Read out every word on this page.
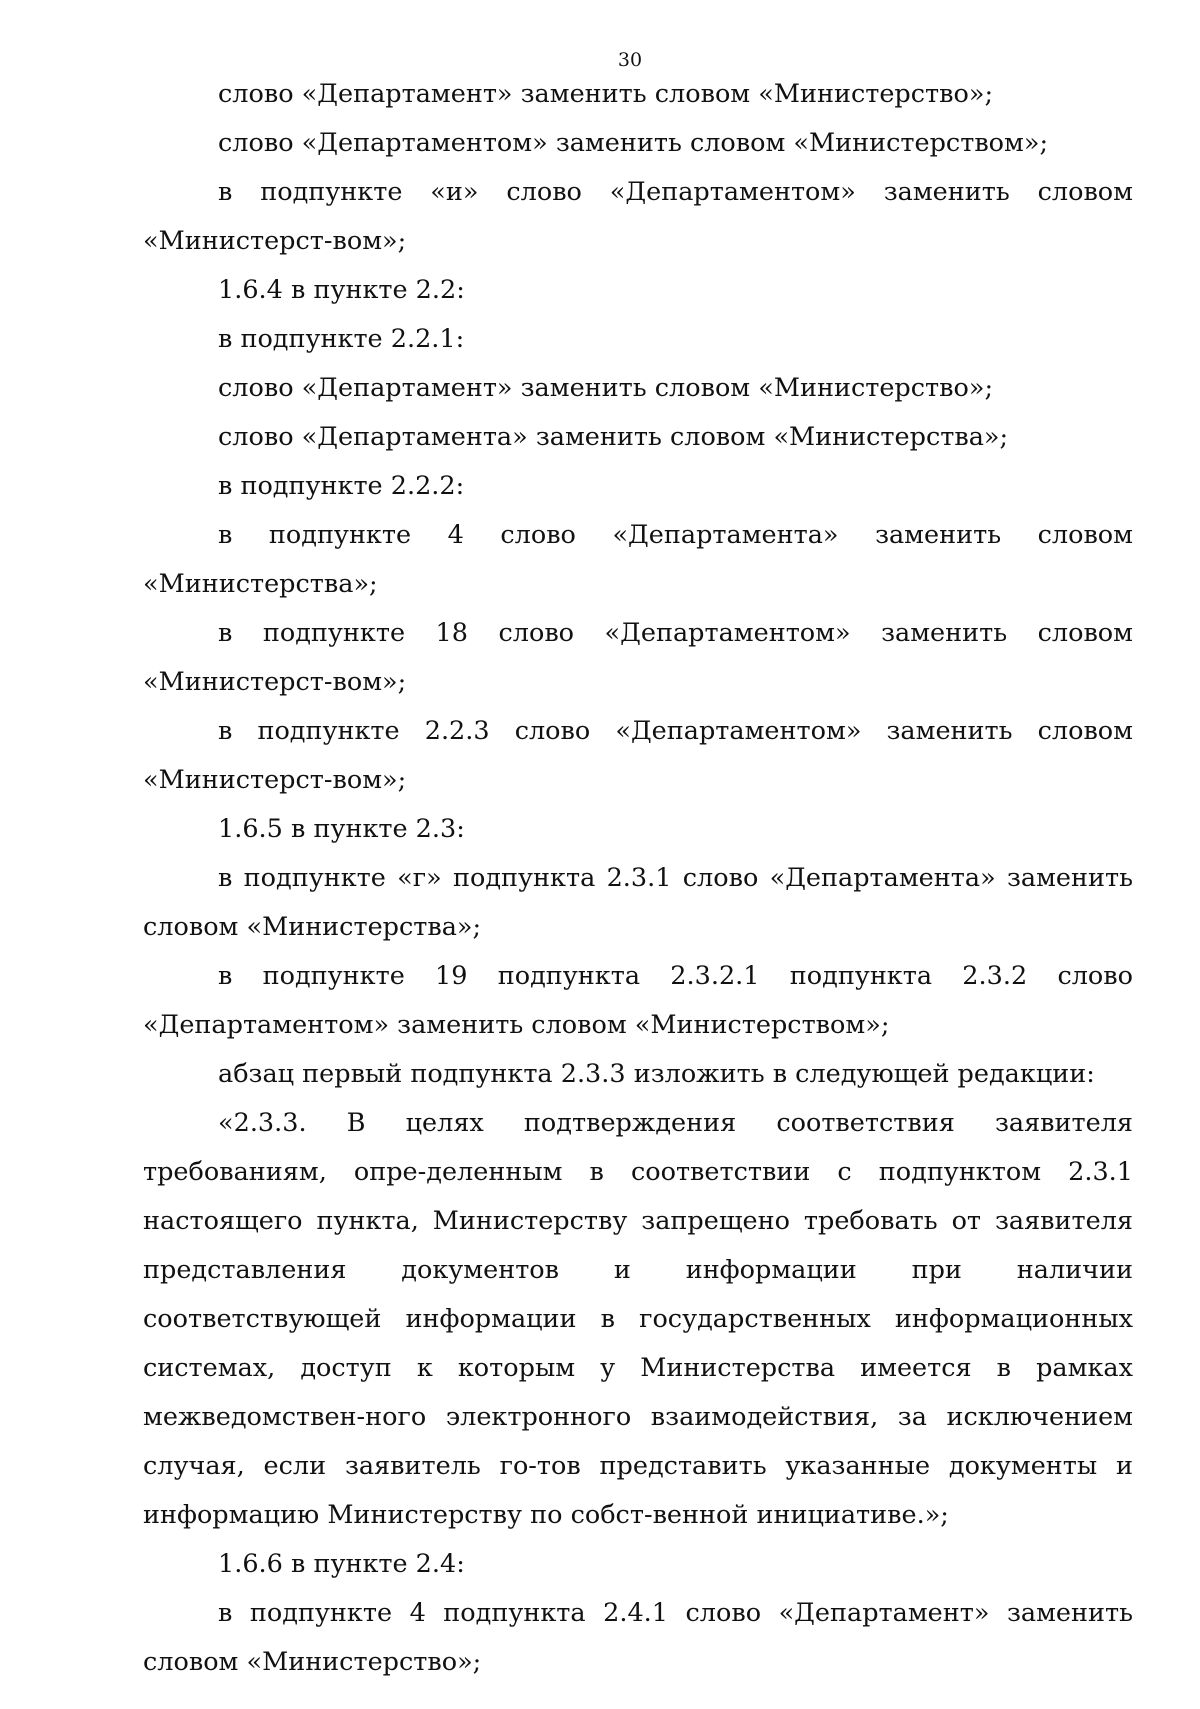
30

слово «Департамент» заменить словом «Министерство»;

слово «Департаментом» заменить словом «Министерством»;

в подпункте «и» слово «Департаментом» заменить словом «Министерст-вом»;

1.6.4 в пункте 2.2:

в подпункте 2.2.1:

слово «Департамент» заменить словом «Министерство»;

слово «Департамента» заменить словом «Министерства»;

в подпункте 2.2.2:

в подпункте 4 слово «Департамента» заменить словом «Министерства»;

в подпункте 18 слово «Департаментом» заменить словом «Министерст-вом»;

в подпункте 2.2.3 слово «Департаментом» заменить словом «Министерст-вом»;

1.6.5 в пункте 2.3:

в подпункте «г» подпункта 2.3.1 слово «Департамента» заменить словом «Министерства»;

в подпункте 19 подпункта 2.3.2.1 подпункта 2.3.2 слово «Департаментом» заменить словом «Министерством»;

абзац первый подпункта 2.3.3 изложить в следующей редакции:

«2.3.3. В целях подтверждения соответствия заявителя требованиям, опре-деленным в соответствии с подпунктом 2.3.1 настоящего пункта, Министерству запрещено требовать от заявителя представления документов и информации при наличии соответствующей информации в государственных информационных системах, доступ к которым у Министерства имеется в рамках межведомствен-ного электронного взаимодействия, за исключением случая, если заявитель го-тов представить указанные документы и информацию Министерству по собст-венной инициативе.»;

1.6.6 в пункте 2.4:

в подпункте 4 подпункта 2.4.1 слово «Департамент» заменить словом «Министерство»;
